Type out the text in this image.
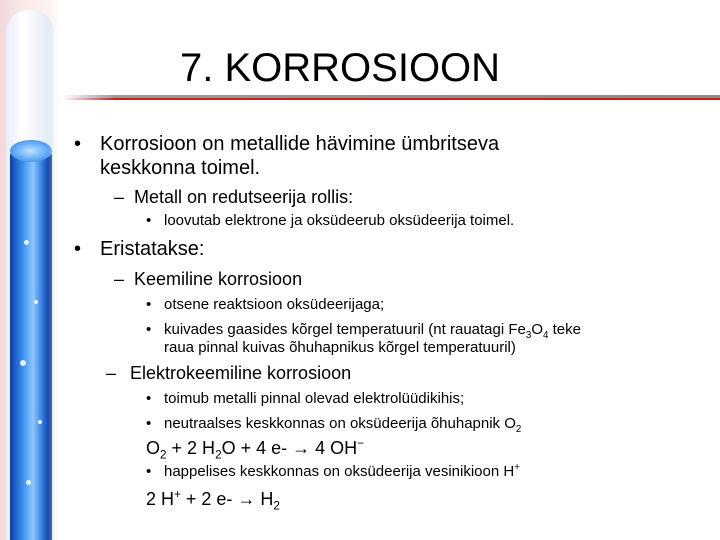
7. KORROSIOON
• Korrosioon on metallide hävimine ümbritseva
keskkonna toimel.
– Metall on redutseerija rollis:
• loovutab elektrone ja oksüdeerub oksüdeerija toimel.
• Eristatakse:
– Keemiline korrosioon
• otsene reaktsioon oksüdeerijaga;
• kuivades gaasides kõrgel temperatuuril (nt rauatagi $Fe_3O_4$ teke
raua pinnal kuivas õhuhapnikus kõrgel temperatuuril)
– Elektrokeemiline korrosioon
• toimub metalli pinnal olevad elektrolüüdikihis;
• neutraalses keskkonnas on oksüdeerija õhuhapnik $O_2$
$O_2 + 2$ $H_2O + 4$ e- → 4 OH−
• happelises keskkonnas on oksüdeerija vesinikioon H+
2 H+ + 2 $e- \to H_2$
